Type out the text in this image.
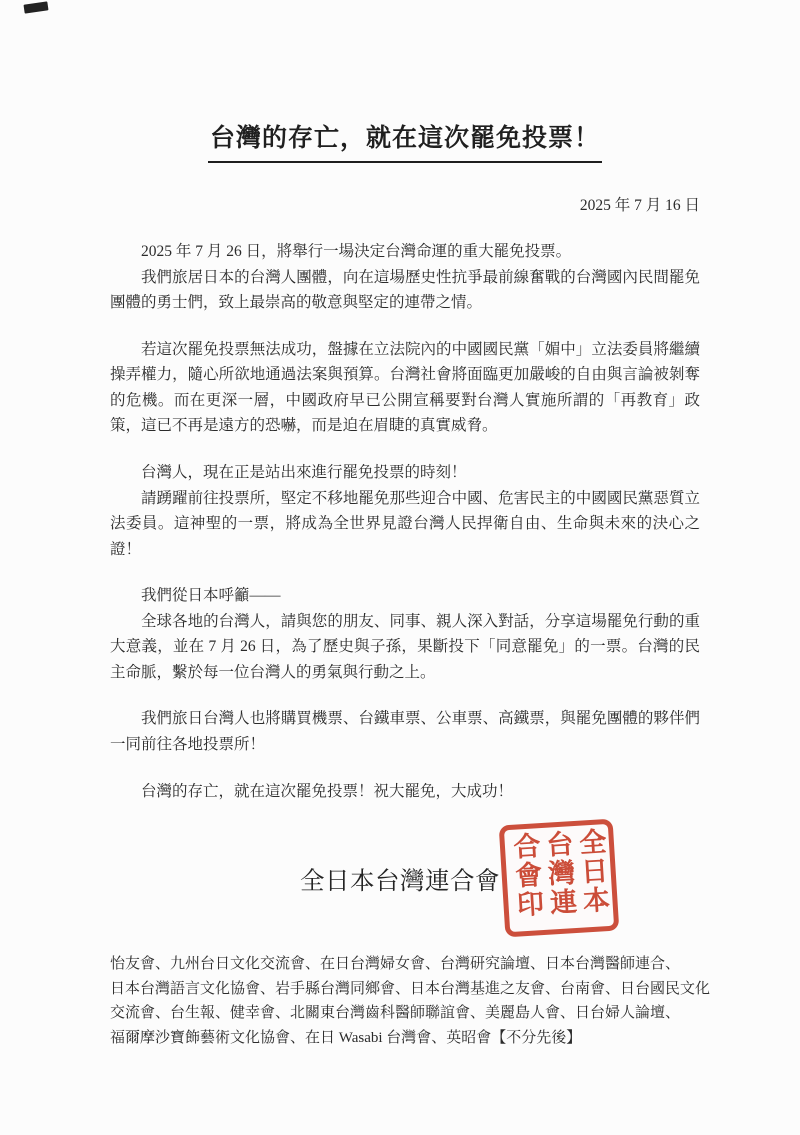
台灣的存亡，就在這次罷免投票！
2025 年 7 月 16 日
2025 年 7 月 26 日，將舉行一場決定台灣命運的重大罷免投票。
我們旅居日本的台灣人團體，向在這場歷史性抗爭最前線奮戰的台灣國內民間罷免團體的勇士們，致上最崇高的敬意與堅定的連帶之情。
若這次罷免投票無法成功，盤據在立法院內的中國國民黨「媚中」立法委員將繼續操弄權力，隨心所欲地通過法案與預算。台灣社會將面臨更加嚴峻的自由與言論被剝奪的危機。而在更深一層，中國政府早已公開宣稱要對台灣人實施所謂的「再教育」政策，這已不再是遠方的恐嚇，而是迫在眉睫的真實威脅。
台灣人，現在正是站出來進行罷免投票的時刻！
請踴躍前往投票所，堅定不移地罷免那些迎合中國、危害民主的中國國民黨惡質立法委員。這神聖的一票，將成為全世界見證台灣人民捍衛自由、生命與未來的決心之證！
我們從日本呼籲——
全球各地的台灣人，請與您的朋友、同事、親人深入對話，分享這場罷免行動的重大意義，並在 7 月 26 日，為了歷史與子孫，果斷投下「同意罷免」的一票。台灣的民主命脈，繫於每一位台灣人的勇氣與行動之上。
我們旅日台灣人也將購買機票、台鐵車票、公車票、高鐵票，與罷免團體的夥伴們一同前往各地投票所！
台灣的存亡，就在這次罷免投票！祝大罷免，大成功！
全日本台灣連合會	全日本台灣連合會印
怡友會、九州台日文化交流會、在日台灣婦女會、台灣研究論壇、日本台灣醫師連合、
日本台灣語言文化協會、岩手縣台灣同鄉會、日本台灣基進之友會、台南會、日台國民文化
交流會、台生報、健幸會、北關東台灣齒科醫師聯誼會、美麗島人會、日台婦人論壇、
福爾摩沙寶飾藝術文化協會、在日 Wasabi 台灣會、英昭會【不分先後】
